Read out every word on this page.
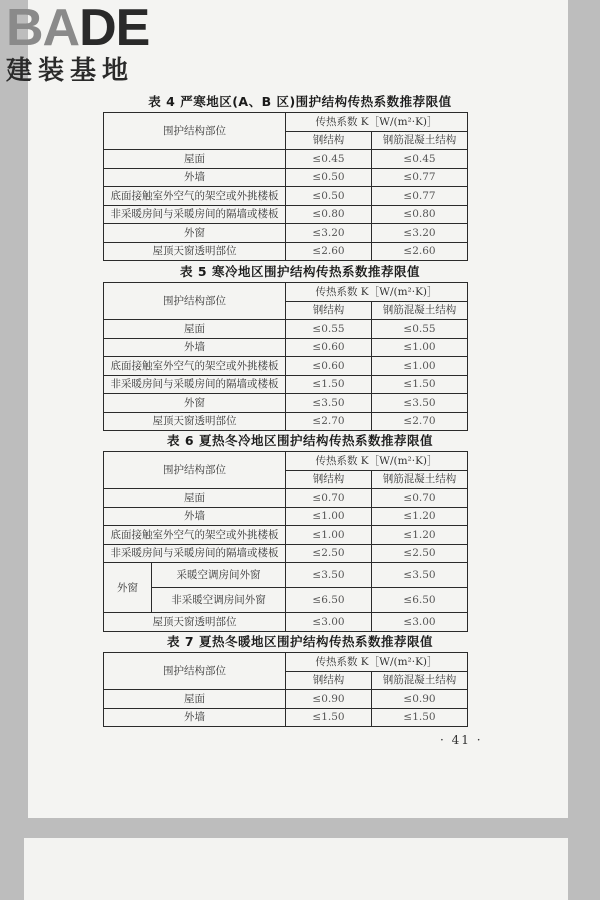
BADE
建装基地
表 4 严寒地区(A、B 区)围护结构传热系数推荐限值
围护结构部位	传热系数 K［W/(m²·K)］	
	钢结构	钢筋混凝土结构
屋面	≤0.45	≤0.45
外墙	≤0.50	≤0.77
底面接触室外空气的架空或外挑楼板	≤0.50	≤0.77
非采暖房间与采暖房间的隔墙或楼板	≤0.80	≤0.80
外窗	≤3.20	≤3.20
屋顶天窗透明部位	≤2.60	≤2.60
表 5 寒冷地区围护结构传热系数推荐限值
围护结构部位	传热系数 K［W/(m²·K)］	
	钢结构	钢筋混凝土结构
屋面	≤0.55	≤0.55
外墙	≤0.60	≤1.00
底面接触室外空气的架空或外挑楼板	≤0.60	≤1.00
非采暖房间与采暖房间的隔墙或楼板	≤1.50	≤1.50
外窗	≤3.50	≤3.50
屋顶天窗透明部位	≤2.70	≤2.70
表 6 夏热冬冷地区围护结构传热系数推荐限值
围护结构部位		传热系数 K［W/(m²·K)］	
		钢结构	钢筋混凝土结构
屋面		≤0.70	≤0.70
外墙		≤1.00	≤1.20
底面接触室外空气的架空或外挑楼板		≤1.00	≤1.20
非采暖房间与采暖房间的隔墙或楼板		≤2.50	≤2.50
外窗	采暖空调房间外窗	≤3.50	≤3.50
	非采暖空调房间外窗	≤6.50	≤6.50
屋顶天窗透明部位		≤3.00	≤3.00
表 7 夏热冬暖地区围护结构传热系数推荐限值
围护结构部位	传热系数 K［W/(m²·K)］	
	钢结构	钢筋混凝土结构
屋面	≤0.90	≤0.90
外墙	≤1.50	≤1.50
· 41 ·
